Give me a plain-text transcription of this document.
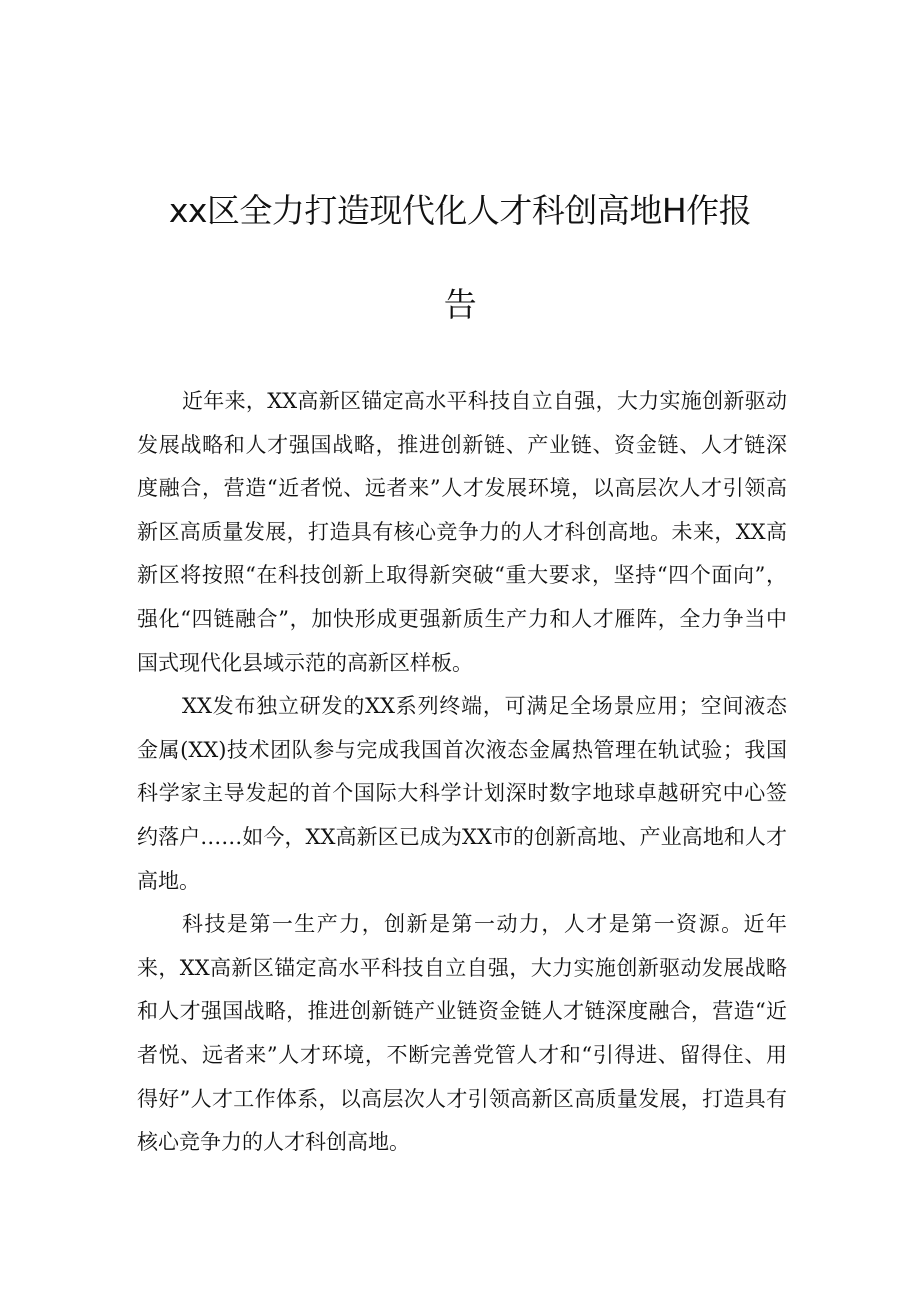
xx区全力打造现代化人才科创高地H作报
告

近年来，XX高新区锚定高水平科技自立自强，大力实施创新驱动发展战略和人才强国战略，推进创新链、产业链、资金链、人才链深度融合，营造“近者悦、远者来”人才发展环境，以高层次人才引领高新区高质量发展，打造具有核心竞争力的人才科创高地。未来，XX高新区将按照“在科技创新上取得新突破“重大要求，坚持“四个面向”，强化“四链融合”，加快形成更强新质生产力和人才雁阵，全力争当中国式现代化县域示范的高新区样板。

XX发布独立研发的XX系列终端，可满足全场景应用；空间液态金属(XX)技术团队参与完成我国首次液态金属热管理在轨试验；我国科学家主导发起的首个国际大科学计划深时数字地球卓越研究中心签约落户……如今，XX高新区已成为XX市的创新高地、产业高地和人才高地。

科技是第一生产力，创新是第一动力，人才是第一资源。近年来，XX高新区锚定高水平科技自立自强，大力实施创新驱动发展战略和人才强国战略，推进创新链产业链资金链人才链深度融合，营造“近者悦、远者来”人才环境，不断完善党管人才和“引得进、留得住、用得好”人才工作体系，以高层次人才引领高新区高质量发展，打造具有核心竞争力的人才科创高地。
